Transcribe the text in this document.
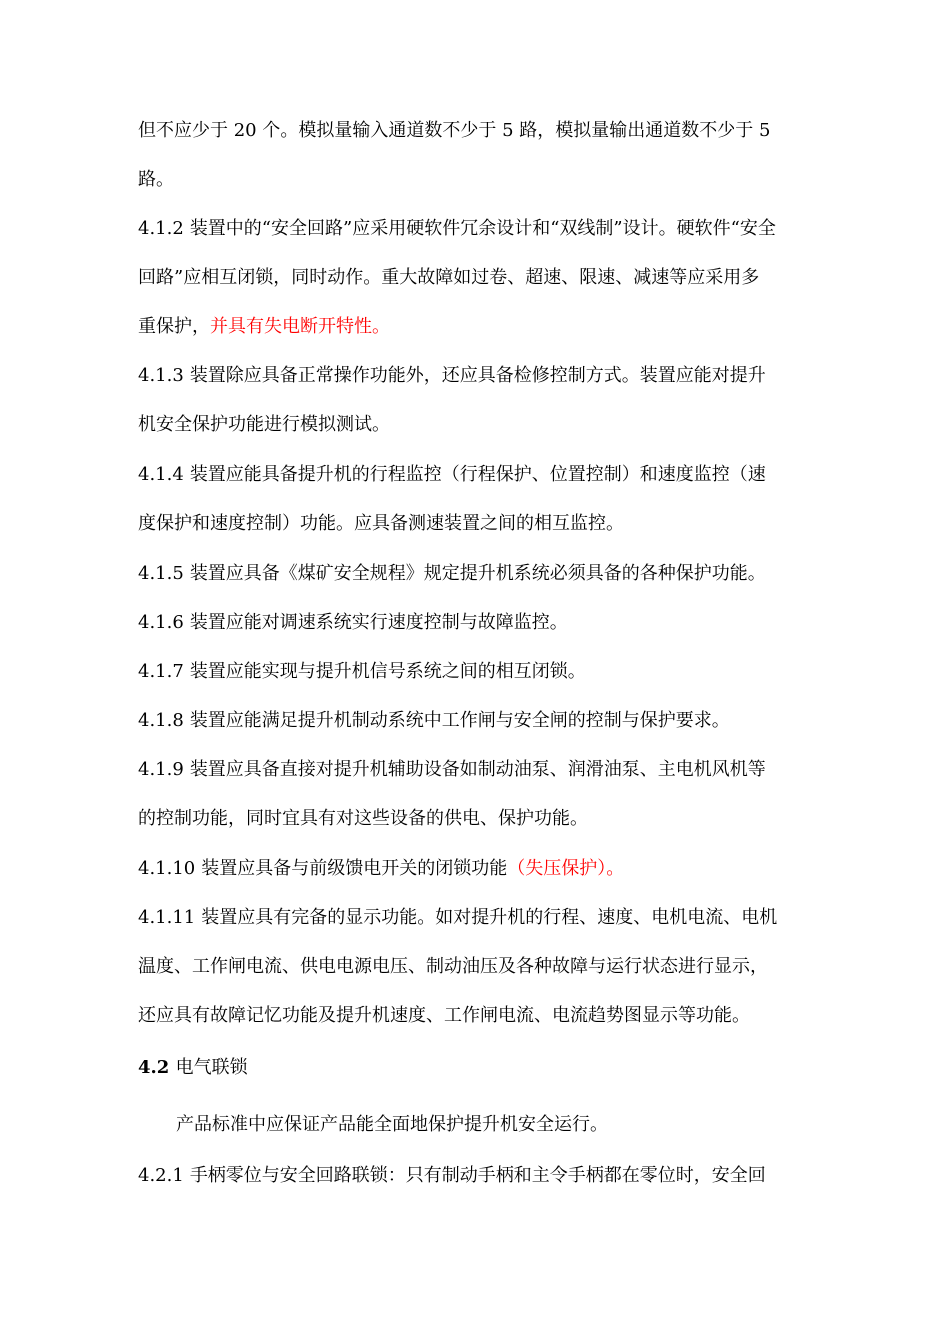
但不应少于 20 个。模拟量输入通道数不少于 5 路，模拟量输出通道数不少于 5
路。

4.1.2 装置中的“安全回路”应采用硬软件冗余设计和“双线制”设计。硬软件“安全
回路”应相互闭锁，同时动作。重大故障如过卷、超速、限速、减速等应采用多
重保护，并具有失电断开特性。

4.1.3 装置除应具备正常操作功能外，还应具备检修控制方式。装置应能对提升
机安全保护功能进行模拟测试。

4.1.4 装置应能具备提升机的行程监控（行程保护、位置控制）和速度监控（速
度保护和速度控制）功能。应具备测速装置之间的相互监控。

4.1.5 装置应具备《煤矿安全规程》规定提升机系统必须具备的各种保护功能。

4.1.6 装置应能对调速系统实行速度控制与故障监控。

4.1.7 装置应能实现与提升机信号系统之间的相互闭锁。

4.1.8 装置应能满足提升机制动系统中工作闸与安全闸的控制与保护要求。

4.1.9 装置应具备直接对提升机辅助设备如制动油泵、润滑油泵、主电机风机等
的控制功能，同时宜具有对这些设备的供电、保护功能。

4.1.10 装置应具备与前级馈电开关的闭锁功能（失压保护）。

4.1.11 装置应具有完备的显示功能。如对提升机的行程、速度、电机电流、电机
温度、工作闸电流、供电电源电压、制动油压及各种故障与运行状态进行显示，
还应具有故障记忆功能及提升机速度、工作闸电流、电流趋势图显示等功能。

4.2 电气联锁

产品标准中应保证产品能全面地保护提升机安全运行。

4.2.1 手柄零位与安全回路联锁：只有制动手柄和主令手柄都在零位时，安全回
